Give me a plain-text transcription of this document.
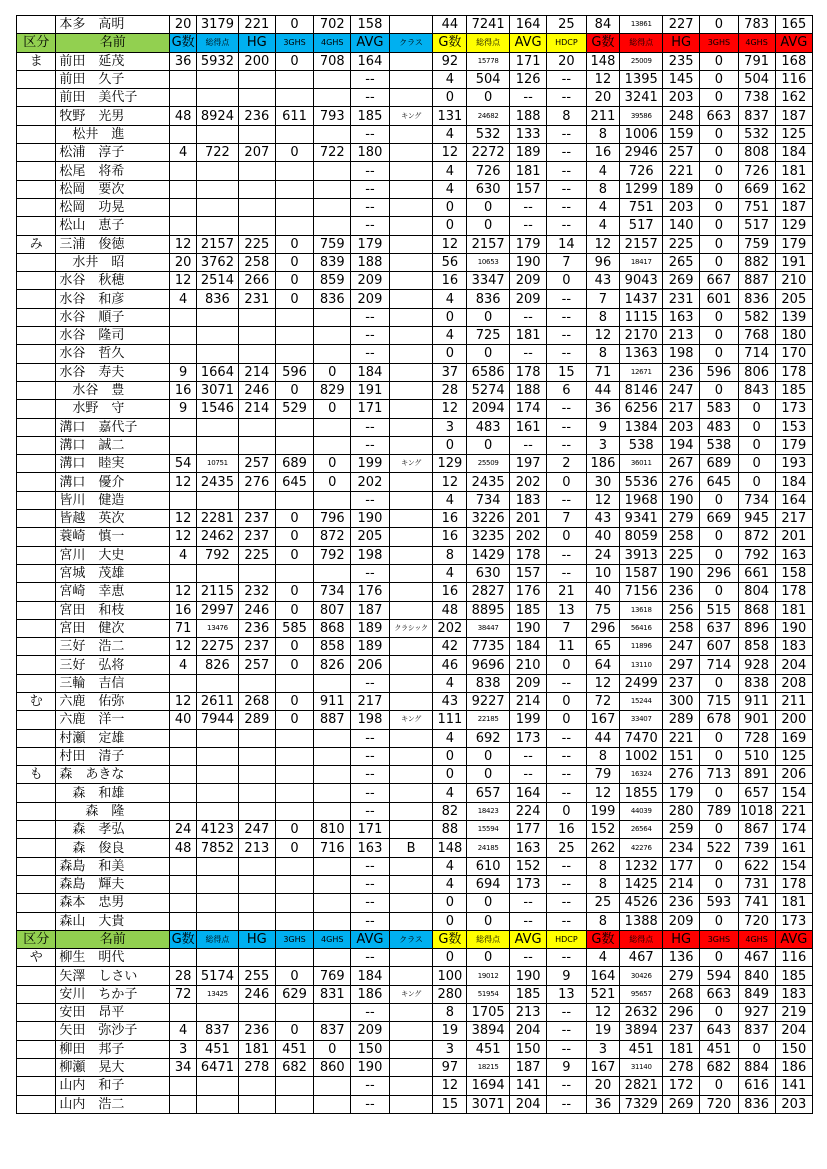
	本多　高明	20	3179	221	0	702	158		44	7241	164	25	84	13861	227	0	783	165
区分	名前	G数	総得点	HG	3GHS	4GHS	AVG	クラス	G数	総得点	AVG	HDCP	G数	総得点	HG	3GHS	4GHS	AVG
ま	前田　延茂	36	5932	200	0	708	164		92	15778	171	20	148	25009	235	0	791	168
	前田　久子						--		4	504	126	--	12	1395	145	0	504	116
	前田　美代子						--		0	0	--	--	20	3241	203	0	738	162
	牧野　光男	48	8924	236	611	793	185	キング	131	24682	188	8	211	39586	248	663	837	187
	　松井　進						--		4	532	133	--	8	1006	159	0	532	125
	松浦　淳子	4	722	207	0	722	180		12	2272	189	--	16	2946	257	0	808	184
	松尾　将希						--		4	726	181	--	4	726	221	0	726	181
	松岡　要次						--		4	630	157	--	8	1299	189	0	669	162
	松岡　功晃						--		0	0	--	--	4	751	203	0	751	187
	松山　恵子						--		0	0	--	--	4	517	140	0	517	129
み	三浦　俊徳	12	2157	225	0	759	179		12	2157	179	14	12	2157	225	0	759	179
	　水井　昭	20	3762	258	0	839	188		56	10653	190	7	96	18417	265	0	882	191
	水谷　秋穂	12	2514	266	0	859	209		16	3347	209	0	43	9043	269	667	887	210
	水谷　和彦	4	836	231	0	836	209		4	836	209	--	7	1437	231	601	836	205
	水谷　順子						--		0	0	--	--	8	1115	163	0	582	139
	水谷　隆司						--		4	725	181	--	12	2170	213	0	768	180
	水谷　哲久						--		0	0	--	--	8	1363	198	0	714	170
	水谷　寿夫	9	1664	214	596	0	184		37	6586	178	15	71	12671	236	596	806	178
	　水谷　豊	16	3071	246	0	829	191		28	5274	188	6	44	8146	247	0	843	185
	　水野　守	9	1546	214	529	0	171		12	2094	174	--	36	6256	217	583	0	173
	溝口　嘉代子						--		3	483	161	--	9	1384	203	483	0	153
	溝口　誠二						--		0	0	--	--	3	538	194	538	0	179
	溝口　睦実	54	10751	257	689	0	199	キング	129	25509	197	2	186	36011	267	689	0	193
	溝口　優介	12	2435	276	645	0	202		12	2435	202	0	30	5536	276	645	0	184
	皆川　健造						--		4	734	183	--	12	1968	190	0	734	164
	皆越　英次	12	2281	237	0	796	190		16	3226	201	7	43	9341	279	669	945	217
	蓑崎　慎一	12	2462	237	0	872	205		16	3235	202	0	40	8059	258	0	872	201
	宮川　大史	4	792	225	0	792	198		8	1429	178	--	24	3913	225	0	792	163
	宮城　茂雄						--		4	630	157	--	10	1587	190	296	661	158
	宮崎　幸恵	12	2115	232	0	734	176		16	2827	176	21	40	7156	236	0	804	178
	宮田　和枝	16	2997	246	0	807	187		48	8895	185	13	75	13618	256	515	868	181
	宮田　健次	71	13476	236	585	868	189	クラシック	202	38447	190	7	296	56416	258	637	896	190
	三好　浩二	12	2275	237	0	858	189		42	7735	184	11	65	11896	247	607	858	183
	三好　弘将	4	826	257	0	826	206		46	9696	210	0	64	13110	297	714	928	204
	三輪　吉信						--		4	838	209	--	12	2499	237	0	838	208
む	六鹿　佑弥	12	2611	268	0	911	217		43	9227	214	0	72	15244	300	715	911	211
	六鹿　洋一	40	7944	289	0	887	198	キング	111	22185	199	0	167	33407	289	678	901	200
	村瀬　定雄						--		4	692	173	--	44	7470	221	0	728	169
	村田　清子						--		0	0	--	--	8	1002	151	0	510	125
も	森　あきな						--		0	0	--	--	79	16324	276	713	891	206
	　森　和雄						--		4	657	164	--	12	1855	179	0	657	154
	　　森　隆						--		82	18423	224	0	199	44039	280	789	1018	221
	　森　孝弘	24	4123	247	0	810	171		88	15594	177	16	152	26564	259	0	867	174
	　森　俊良	48	7852	213	0	716	163	B	148	24185	163	25	262	42276	234	522	739	161
	森島　和美						--		4	610	152	--	8	1232	177	0	622	154
	森島　輝夫						--		4	694	173	--	8	1425	214	0	731	178
	森本　忠男						--		0	0	--	--	25	4526	236	593	741	181
	森山　大貴						--		0	0	--	--	8	1388	209	0	720	173
区分	名前	G数	総得点	HG	3GHS	4GHS	AVG	クラス	G数	総得点	AVG	HDCP	G数	総得点	HG	3GHS	4GHS	AVG
や	柳生　明代						--		0	0	--	--	4	467	136	0	467	116
	矢澤　しさい	28	5174	255	0	769	184		100	19012	190	9	164	30426	279	594	840	185
	安川　ちか子	72	13425	246	629	831	186	キング	280	51954	185	13	521	95657	268	663	849	183
	安田　昂平						--		8	1705	213	--	12	2632	296	0	927	219
	矢田　弥沙子	4	837	236	0	837	209		19	3894	204	--	19	3894	237	643	837	204
	柳田　邦子	3	451	181	451	0	150		3	451	150	--	3	451	181	451	0	150
	柳瀬　晃大	34	6471	278	682	860	190		97	18215	187	9	167	31140	278	682	884	186
	山内　和子						--		12	1694	141	--	20	2821	172	0	616	141
	山内　浩二						--		15	3071	204	--	36	7329	269	720	836	203
